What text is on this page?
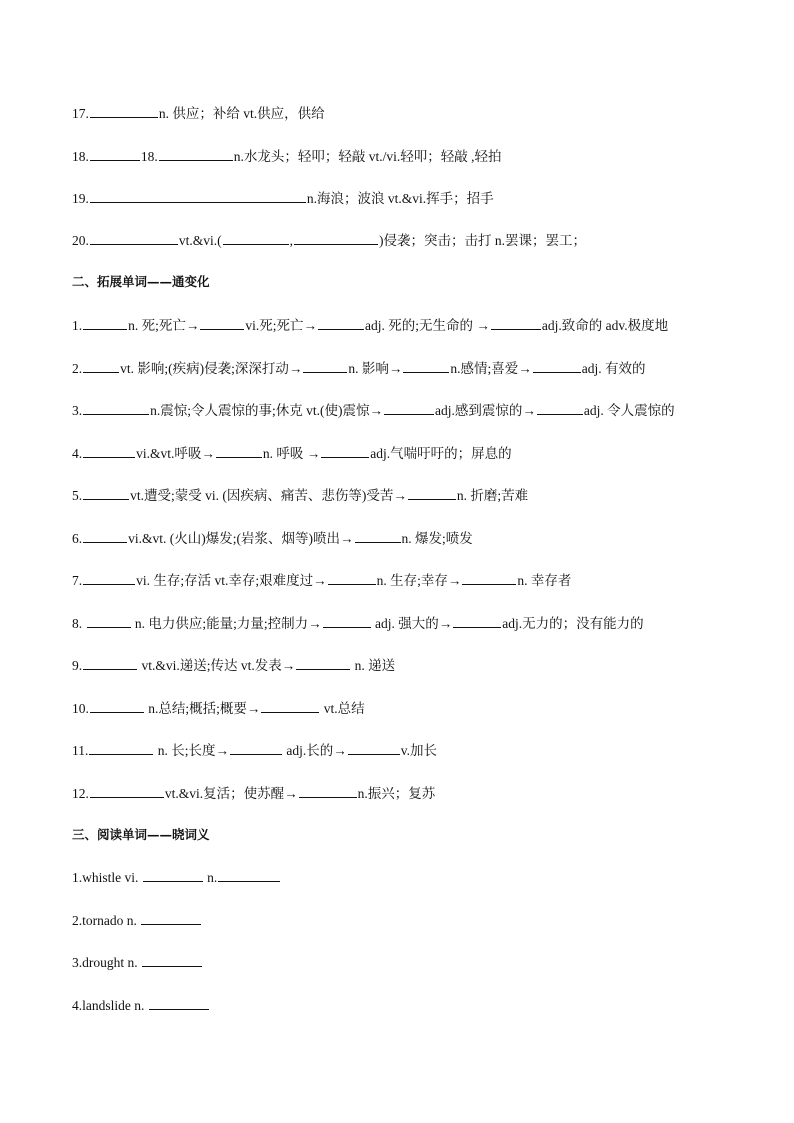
17.	n. 供应；补给 vt.供应，供给
18.	18.	n.水龙头；轻叩；轻敲 vt./vi.轻叩；轻敲 ,轻拍
19.	n.海浪；波浪 vt.&vi.挥手；招手
20.	vt.&vi.(	,	)侵袭；突击；击打 n.罢课；罢工；
二、拓展单词——通变化
1.	n. 死;死亡→	vi.死;死亡→	adj. 死的;无生命的 →	adj.致命的 adv.极度地
2.	vt. 影响;(疾病)侵袭;深深打动→	n. 影响→	n.感情;喜爱→	adj. 有效的
3.	n.震惊;令人震惊的事;休克 vt.(使)震惊→	adj.感到震惊的→	adj. 令人震惊的
4.	vi.&vt.呼吸→	n. 呼吸 →	adj.气喘吁吁的；屏息的
5.	vt.遭受;蒙受 vi. (因疾病、痛苦、悲伤等)受苦→	n. 折磨;苦难
6.	vi.&vt. (火山)爆发;(岩浆、烟等)喷出→	n. 爆发;喷发
7.	vi. 生存;存活 vt.幸存;艰难度过→	n. 生存;幸存→	n. 幸存者
8.	n. 电力供应;能量;力量;控制力→	adj. 强大的→	adj.无力的；没有能力的
9.	vt.&vi.递送;传达 vt.发表→	n. 递送
10.	n.总结;概括;概要→	vt.总结
11.	n. 长;长度→	adj.长的→	v.加长
12.	vt.&vi.复活；使苏醒→	n.振兴；复苏
三、阅读单词——晓词义
1.whistle vi.	n.
2.tornado n.
3.drought n.
4.landslide n.
